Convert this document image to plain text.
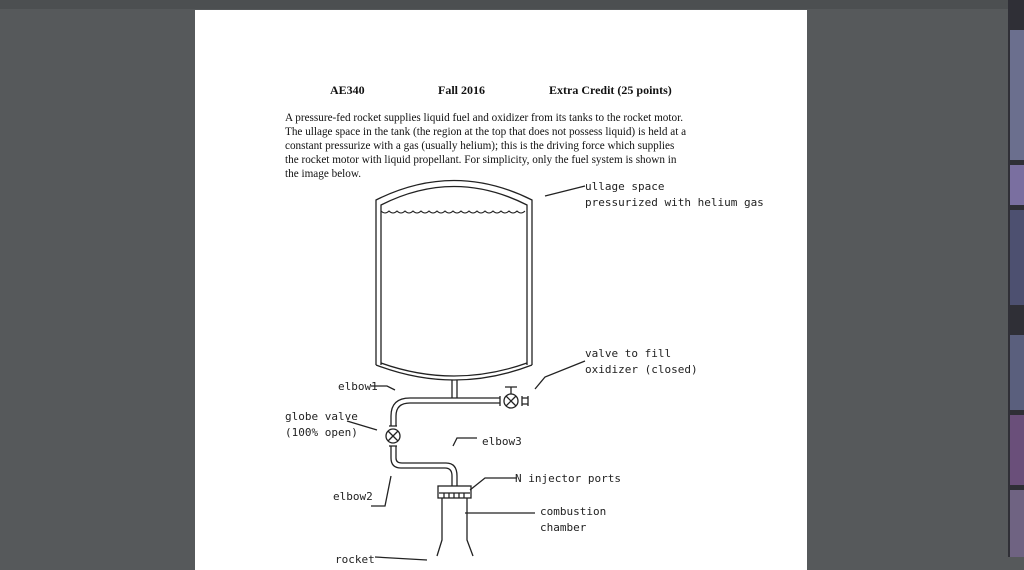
AE340	Fall 2016	Extra Credit (25 points)
A pressure-fed rocket supplies liquid fuel and oxidizer from its tanks to the rocket motor.
The ullage space in the tank (the region at the top that does not possess liquid) is held at a
constant pressurize with a gas (usually helium); this is the driving force which supplies
the rocket motor with liquid propellant. For simplicity, only the fuel system is shown in
the image below.
ullage space
pressurized with helium gas
valve to fill
oxidizer (closed)
elbow1
globe valve
(100% open)
elbow3
N injector ports
elbow2
combustion
chamber
rocket
